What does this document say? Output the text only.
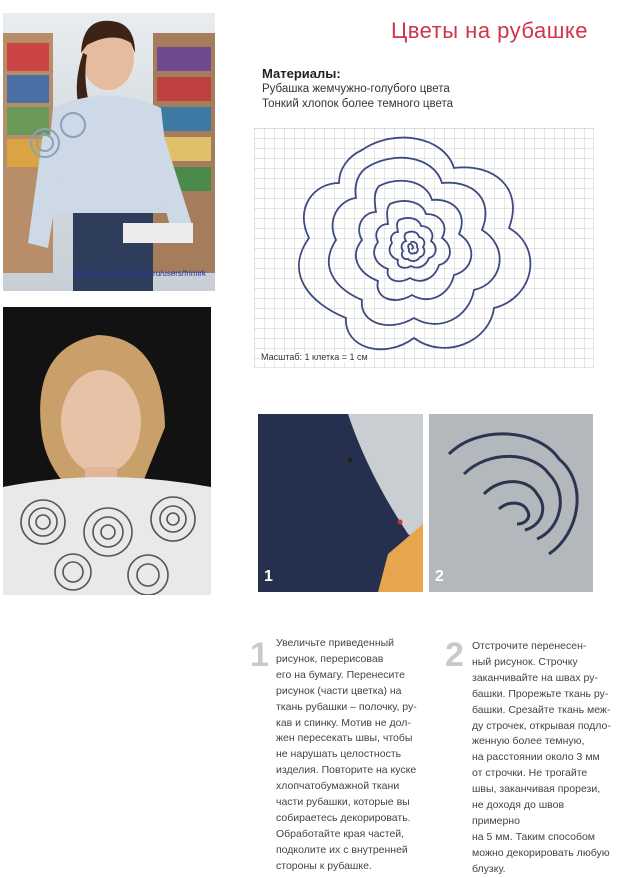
http://www.liveinternet.ru/users/frimirk
Масштаб: 1 клетка = 1 см
Цветы на рубашке
Материалы:
Рубашка жемчужно-голубого цвета
Тонкий хлопок более темного цвета
1	2
1 Увеличьте приведенный
рисунок, перерисовав
его на бумагу. Перенесите
рисунок (части цветка) на
ткань рубашки – полочку, ру-
кав и спинку. Мотив не дол-
жен пересекать швы, чтобы
не нарушать целостность
изделия. Повторите на куске
хлопчатобумажной ткани
части рубашки, которые вы
собираетесь декорировать.
Обработайте края частей,
подколите их с внутренней
стороны к рубашке.
2 Отстрочите перенесен-
ный рисунок. Строчку
заканчивайте на швах ру-
башки. Прорежьте ткань ру-
башки. Срезайте ткань меж-
ду строчек, открывая подло-
женную более темную,
на расстоянии около 3 мм
от строчки. Не трогайте
швы, заканчивая прорези,
не доходя до швов примерно
на 5 мм. Таким способом
можно декорировать любую
блузку.
